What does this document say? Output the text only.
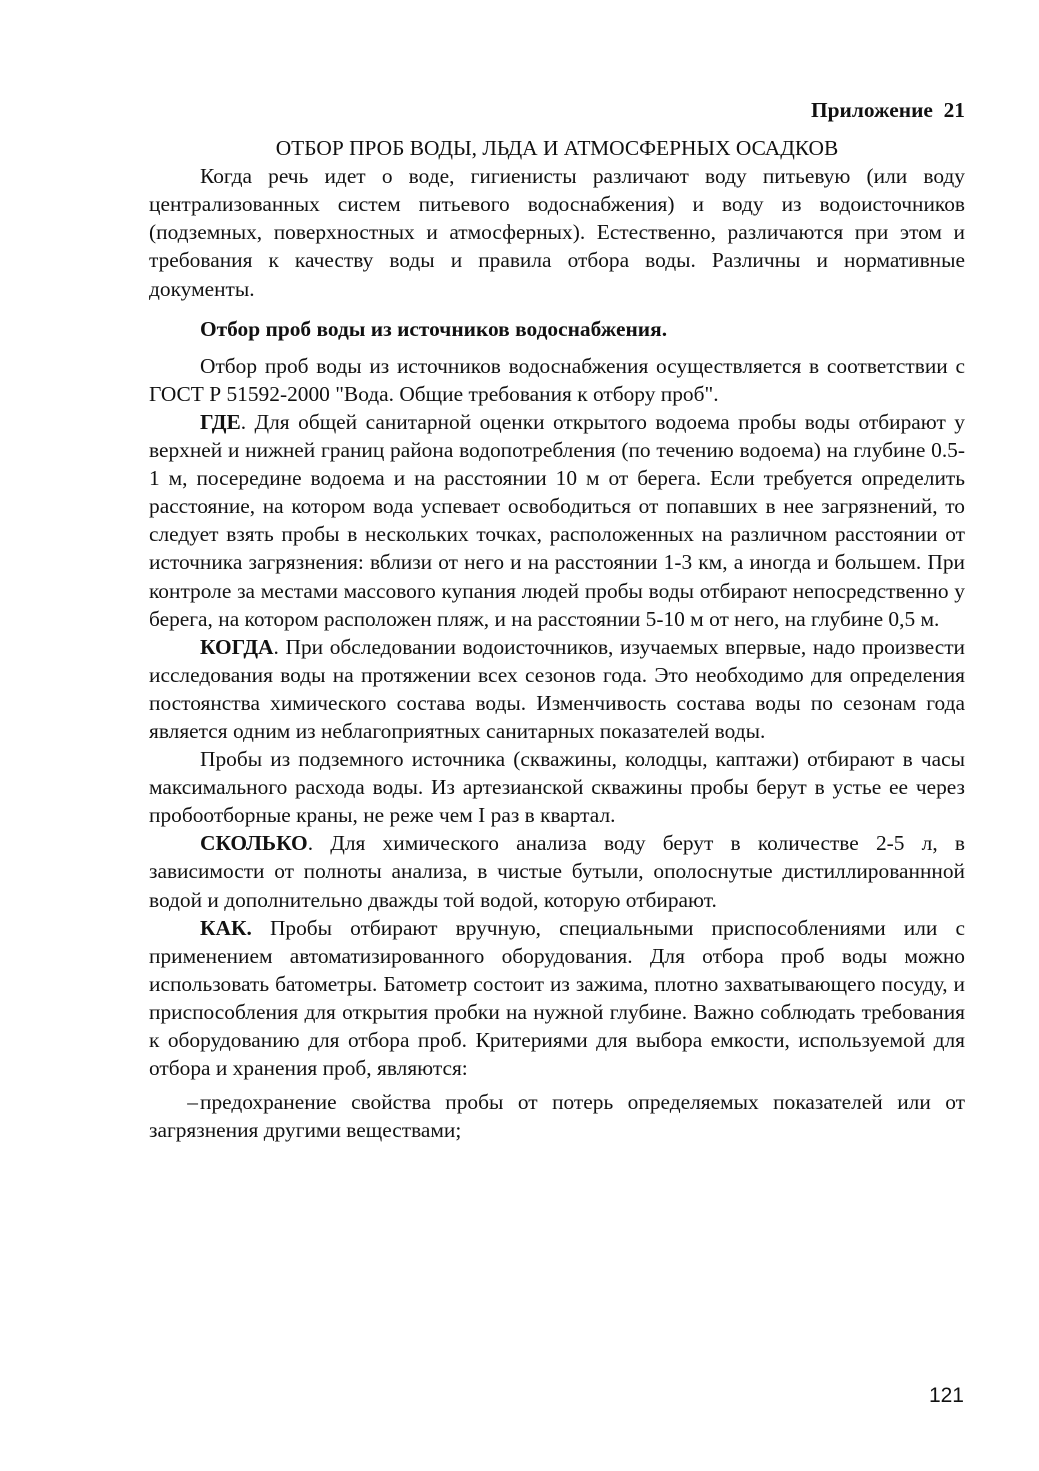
Приложение  21
ОТБОР ПРОБ ВОДЫ, ЛЬДА И АТМОСФЕРНЫХ ОСАДКОВ

Когда речь идет о воде, гигиенисты различают воду питьевую (или воду централизованных систем питьевого водоснабжения) и воду из водоисточников (подземных, поверхностных и атмосферных). Естественно, различаются при этом и требования к качеству воды и правила отбора воды. Различны и нормативные документы.

Отбор проб воды из источников водоснабжения.

Отбор проб воды из источников водоснабжения осуществляется в соответствии с ГОСТ Р 51592-2000 "Вода. Общие требования к отбору проб".

ГДЕ. Для общей санитарной оценки открытого водоема пробы воды отбирают у верхней и нижней границ района водопотребления (по течению водоема) на глубине 0.5-1 м, посередине водоема и на расстоянии 10 м от берега. Если требуется определить расстояние, на котором вода успевает освободиться от попавших в нее загрязнений, то следует взять пробы в нескольких точках, расположенных на различном расстоянии от источника загрязнения: вблизи от него и на расстоянии 1-3 км, а иногда и большем. При контроле за местами массового купания людей пробы воды отбирают непосредственно у берега, на котором расположен пляж, и на расстоянии 5-10 м от него, на глубине 0,5 м.

КОГДА. При обследовании водоисточников, изучаемых впервые, надо произвести исследования воды на протяжении всех сезонов года. Это необходимо для определения постоянства химического состава воды. Изменчивость состава воды по сезонам года является одним из неблагоприятных санитарных показателей воды.

Пробы из подземного источника (скважины, колодцы, каптажи) отбирают в часы максимального расхода воды. Из артезианской скважины пробы берут в устье ее через пробоотборные краны, не реже чем I раз в квартал.

СКОЛЬКО. Для химического анализа воду берут в количестве 2-5 л, в зависимости от полноты анализа, в чистые бутыли, ополоснутые дистиллированнной водой и дополнительно дважды той водой, которую отбирают.

КАК. Пробы отбирают вручную, специальными приспособлениями или с применением автоматизированного оборудования. Для отбора проб воды можно использовать батометры. Батометр состоит из зажима, плотно захватывающего посуду, и приспособления для открытия пробки на нужной глубине. Важно соблюдать требования к оборудованию для отбора проб. Критериями для выбора емкости, используемой для отбора и хранения проб, являются:

–предохранение свойства пробы от потерь определяемых показателей или от загрязнения другими веществами;

121
